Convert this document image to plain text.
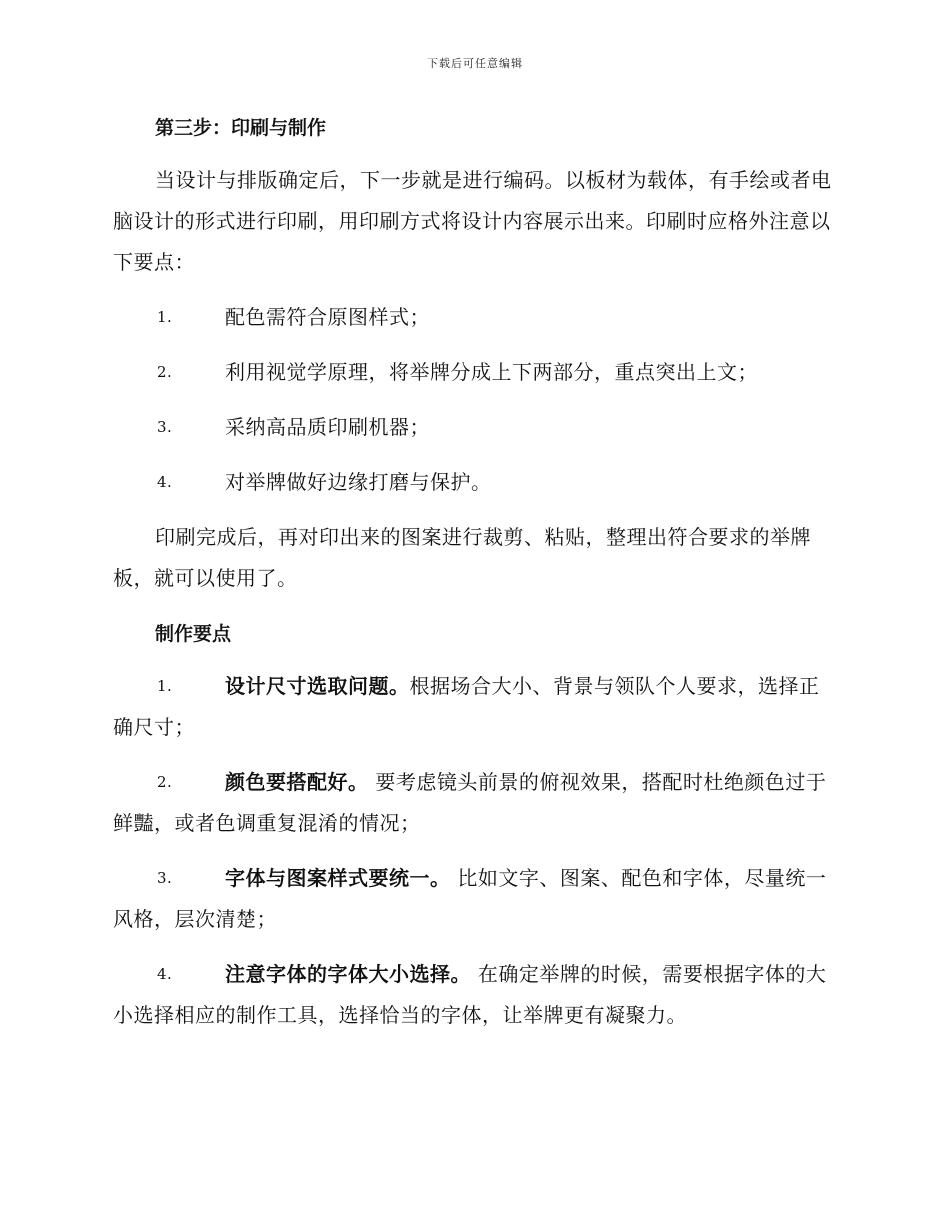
下载后可任意编辑

第三步：印刷与制作

当设计与排版确定后，下一步就是进行编码。以板材为载体，有手绘或者电脑设计的形式进行印刷，用印刷方式将设计内容展示出来。印刷时应格外注意以下要点：

1.	配色需符合原图样式；

2.	利用视觉学原理，将举牌分成上下两部分，重点突出上文；

3.	采纳高品质印刷机器；

4.	对举牌做好边缘打磨与保护。

印刷完成后，再对印出来的图案进行裁剪、粘贴，整理出符合要求的举牌板，就可以使用了。

制作要点

1.	设计尺寸选取问题。根据场合大小、背景与领队个人要求，选择正确尺寸；

2.	颜色要搭配好。 要考虑镜头前景的俯视效果，搭配时杜绝颜色过于鲜豔，或者色调重复混淆的情况；

3.	字体与图案样式要统一。 比如文字、图案、配色和字体，尽量统一风格，层次清楚；

4.	注意字体的字体大小选择。 在确定举牌的时候，需要根据字体的大小选择相应的制作工具，选择恰当的字体，让举牌更有凝聚力。
